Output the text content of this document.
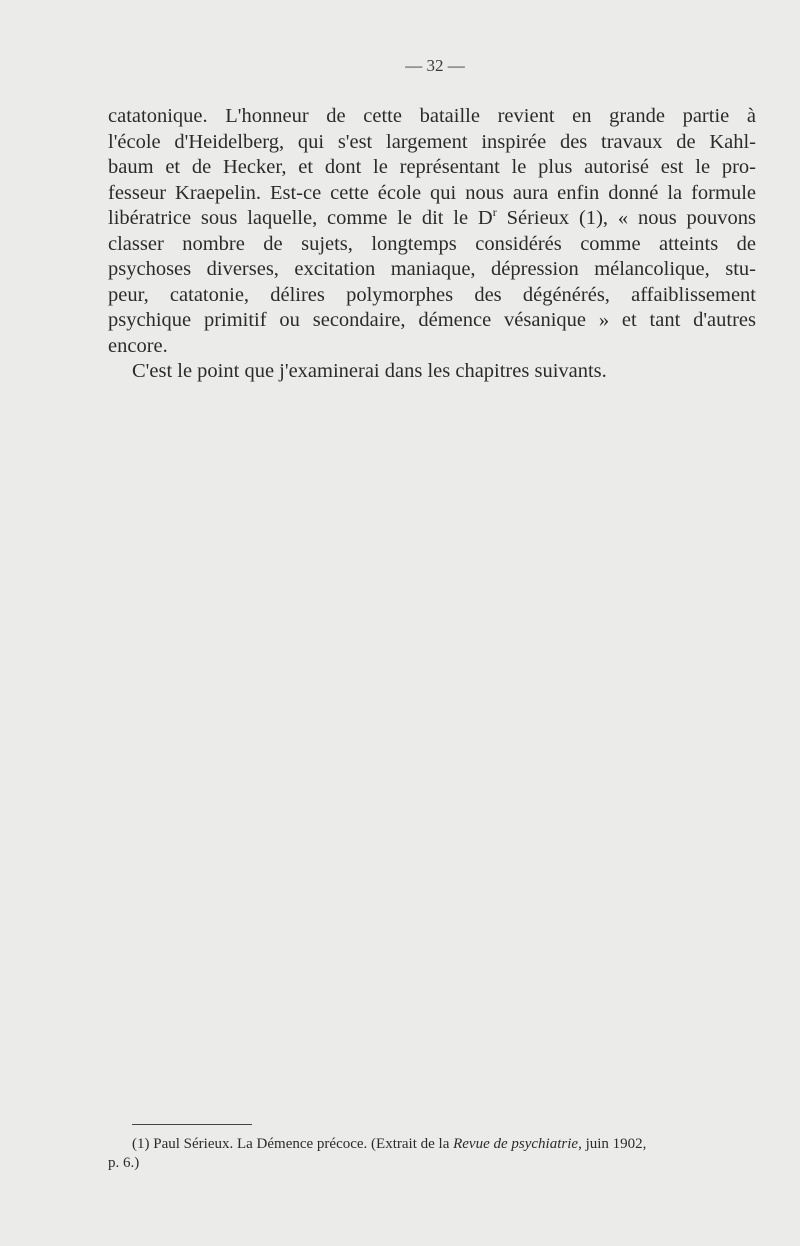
— 32 —
catatonique. L'honneur de cette bataille revient en grande partie à
l'école d'Heidelberg, qui s'est largement inspirée des travaux de Kahl-
baum et de Hecker, et dont le représentant le plus autorisé est le pro-
fesseur Kraepelin. Est-ce cette école qui nous aura enfin donné la formule
libératrice sous laquelle, comme le dit le $D^r$ Sérieux (1), « nous pouvons
classer nombre de sujets, longtemps considérés comme atteints de
psychoses diverses, excitation maniaque, dépression mélancolique, stu-
peur, catatonie, délires polymorphes des dégénérés, affaiblissement
psychique primitif ou secondaire, démence vésanique » et tant d'autres
encore.
C'est le point que j'examinerai dans les chapitres suivants.
(1) Paul Sérieux. La Démence précoce. (Extrait de la Revue de psychiatrie, juin 1902,
p. 6.)
